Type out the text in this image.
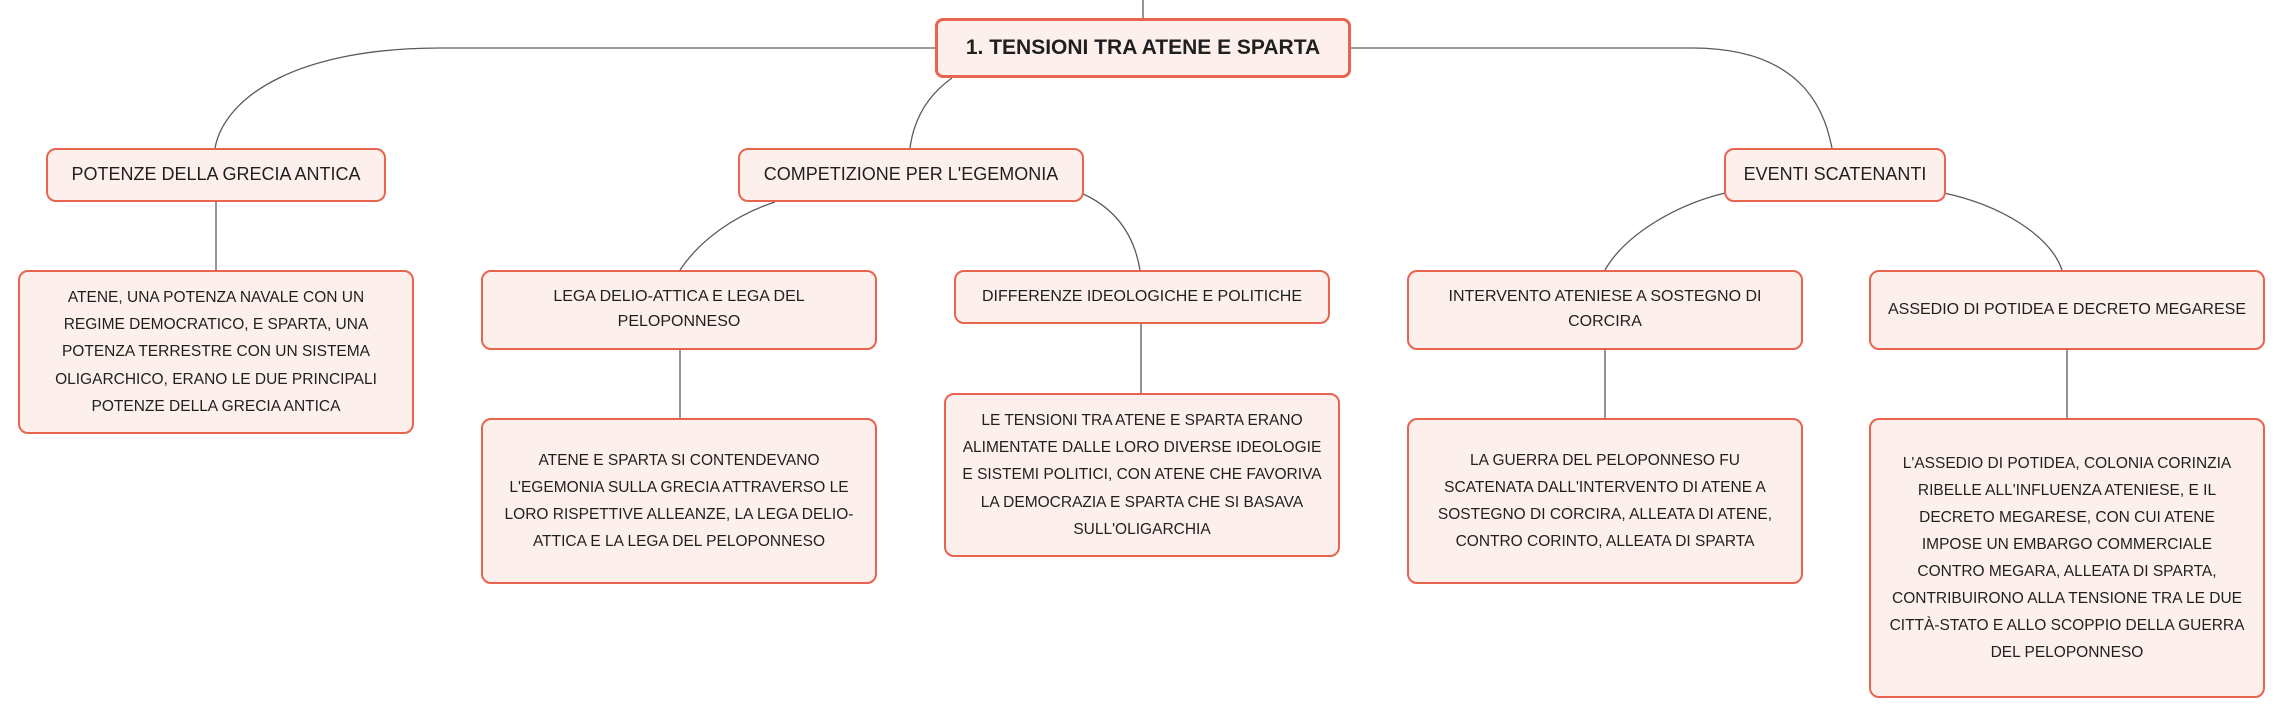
1. TENSIONI TRA ATENE E SPARTA
POTENZE DELLA GRECIA ANTICA
ATENE, UNA POTENZA NAVALE CON UN REGIME DEMOCRATICO, E SPARTA, UNA POTENZA TERRESTRE CON UN SISTEMA OLIGARCHICO, ERANO LE DUE PRINCIPALI POTENZE DELLA GRECIA ANTICA
COMPETIZIONE PER L'EGEMONIA
LEGA DELIO-ATTICA E LEGA DEL PELOPONNESO
ATENE E SPARTA SI CONTENDEVANO L'EGEMONIA SULLA GRECIA ATTRAVERSO LE LORO RISPETTIVE ALLEANZE, LA LEGA DELIO-ATTICA E LA LEGA DEL PELOPONNESO
DIFFERENZE IDEOLOGICHE E POLITICHE
LE TENSIONI TRA ATENE E SPARTA ERANO ALIMENTATE DALLE LORO DIVERSE IDEOLOGIE E SISTEMI POLITICI, CON ATENE CHE FAVORIVA LA DEMOCRAZIA E SPARTA CHE SI BASAVA SULL'OLIGARCHIA
EVENTI SCATENANTI
INTERVENTO ATENIESE A SOSTEGNO DI CORCIRA
LA GUERRA DEL PELOPONNESO FU SCATENATA DALL'INTERVENTO DI ATENE A SOSTEGNO DI CORCIRA, ALLEATA DI ATENE, CONTRO CORINTO, ALLEATA DI SPARTA
ASSEDIO DI POTIDEA E DECRETO MEGARESE
L'ASSEDIO DI POTIDEA, COLONIA CORINZIA RIBELLE ALL'INFLUENZA ATENIESE, E IL DECRETO MEGARESE, CON CUI ATENE IMPOSE UN EMBARGO COMMERCIALE CONTRO MEGARA, ALLEATA DI SPARTA, CONTRIBUIRONO ALLA TENSIONE TRA LE DUE CITTÀ-STATO E ALLO SCOPPIO DELLA GUERRA DEL PELOPONNESO
